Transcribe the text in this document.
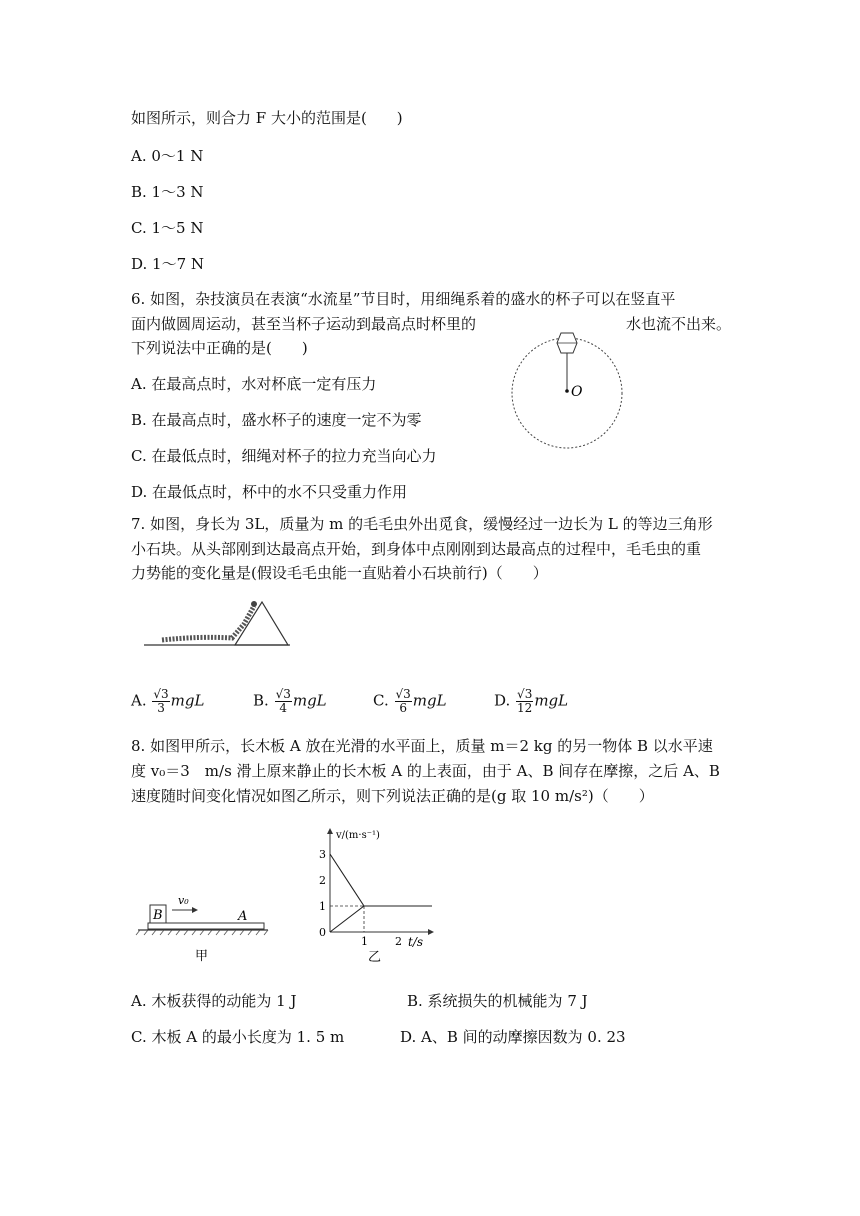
如图所示，则合力 F 大小的范围是(　　)
A. 0～1 N
B. 1～3 N
C. 1～5 N
D. 1～7 N
6. 如图，杂技演员在表演“水流星”节目时，用细绳系着的盛水的杯子可以在竖直平
面内做圆周运动，甚至当杯子运动到最高点时杯里的	水也流不出来。
下列说法中正确的是(　　)
A. 在最高点时，水对杯底一定有压力
B. 在最高点时，盛水杯子的速度一定不为零
C. 在最低点时，细绳对杯子的拉力充当向心力
D. 在最低点时，杯中的水不只受重力作用
O
7. 如图，身长为 3L，质量为 m 的毛毛虫外出觅食，缓慢经过一边长为 L 的等边三角形
小石块。从头部刚到达最高点开始，到身体中点刚刚到达最高点的过程中，毛毛虫的重
力势能的变化量是(假设毛毛虫能一直贴着小石块前行)（　　）
A. $\frac{√3}{3}$ mgL	B. $\frac{√3}{4}$ mgL	C. $\frac{√3}{6}$ mgL	D. $\frac{√3}{12}$ mgL
8. 如图甲所示，长木板 A 放在光滑的水平面上，质量 m＝2 kg 的另一物体 B 以水平速
度 v₀＝3　m/s 滑上原来静止的长木板 A 的上表面，由于 A、B 间存在摩擦，之后 A、B
速度随时间变化情况如图乙所示，则下列说法正确的是(g 取 10 m/s²)（　　）
B
v₀
A
甲
v/(m·s⁻¹)
3
2
1
0
1 2 t/s
乙
A. 木板获得的动能为 1 J	B. 系统损失的机械能为 7 J
C. 木板 A 的最小长度为 1. 5 m	D. A、B 间的动摩擦因数为 0. 23
